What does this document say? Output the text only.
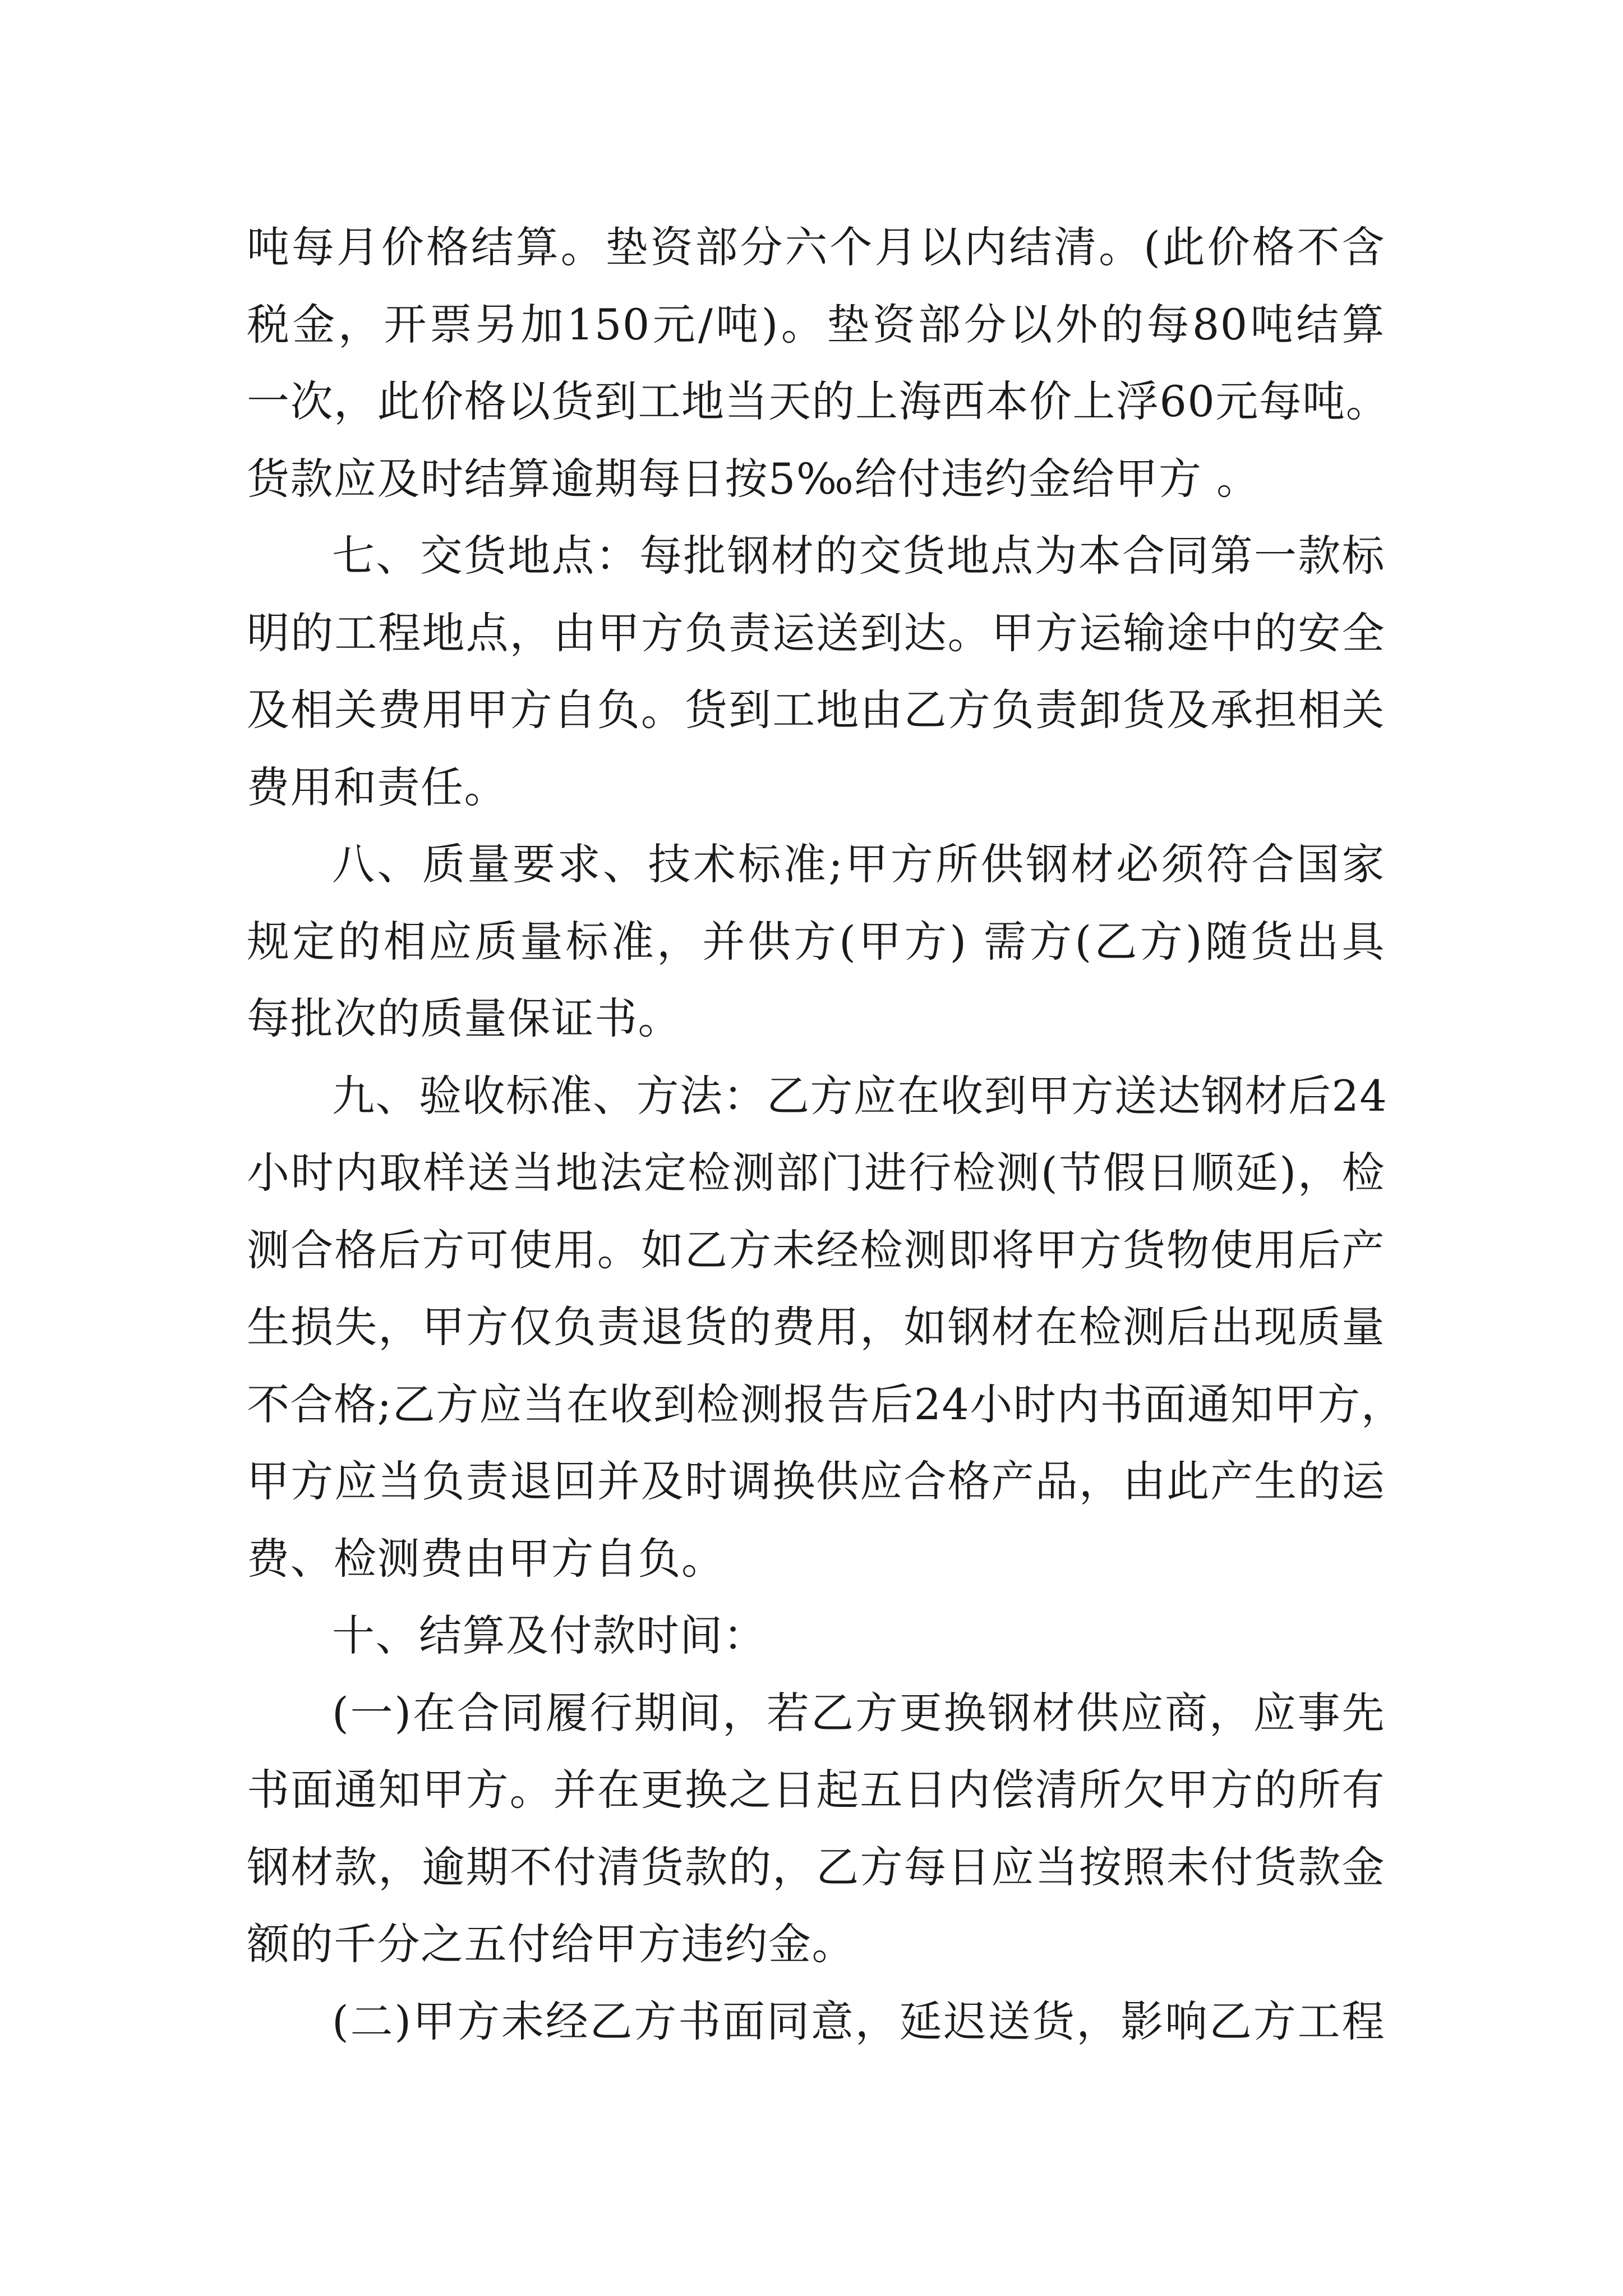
吨每月价格结算。垫资部分六个月以内结清。(此价格不含
税金，开票另加150元/吨)。垫资部分以外的每80吨结算
一次，此价格以货到工地当天的上海西本价上浮60元每吨。
货款应及时结算逾期每日按5‰给付违约金给甲方 。
七、交货地点：每批钢材的交货地点为本合同第一款标
明的工程地点，由甲方负责运送到达。甲方运输途中的安全
及相关费用甲方自负。货到工地由乙方负责卸货及承担相关
费用和责任。
八、质量要求、技术标准;甲方所供钢材必须符合国家
规定的相应质量标准，并供方(甲方) 需方(乙方)随货出具
每批次的质量保证书。
九、验收标准、方法：乙方应在收到甲方送达钢材后24
小时内取样送当地法定检测部门进行检测(节假日顺延)，检
测合格后方可使用。如乙方未经检测即将甲方货物使用后产
生损失，甲方仅负责退货的费用，如钢材在检测后出现质量
不合格;乙方应当在收到检测报告后24小时内书面通知甲方，
甲方应当负责退回并及时调换供应合格产品，由此产生的运
费、检测费由甲方自负。
十、结算及付款时间：
(一)在合同履行期间，若乙方更换钢材供应商，应事先
书面通知甲方。并在更换之日起五日内偿清所欠甲方的所有
钢材款，逾期不付清货款的，乙方每日应当按照未付货款金
额的千分之五付给甲方违约金。
(二)甲方未经乙方书面同意，延迟送货，影响乙方工程
